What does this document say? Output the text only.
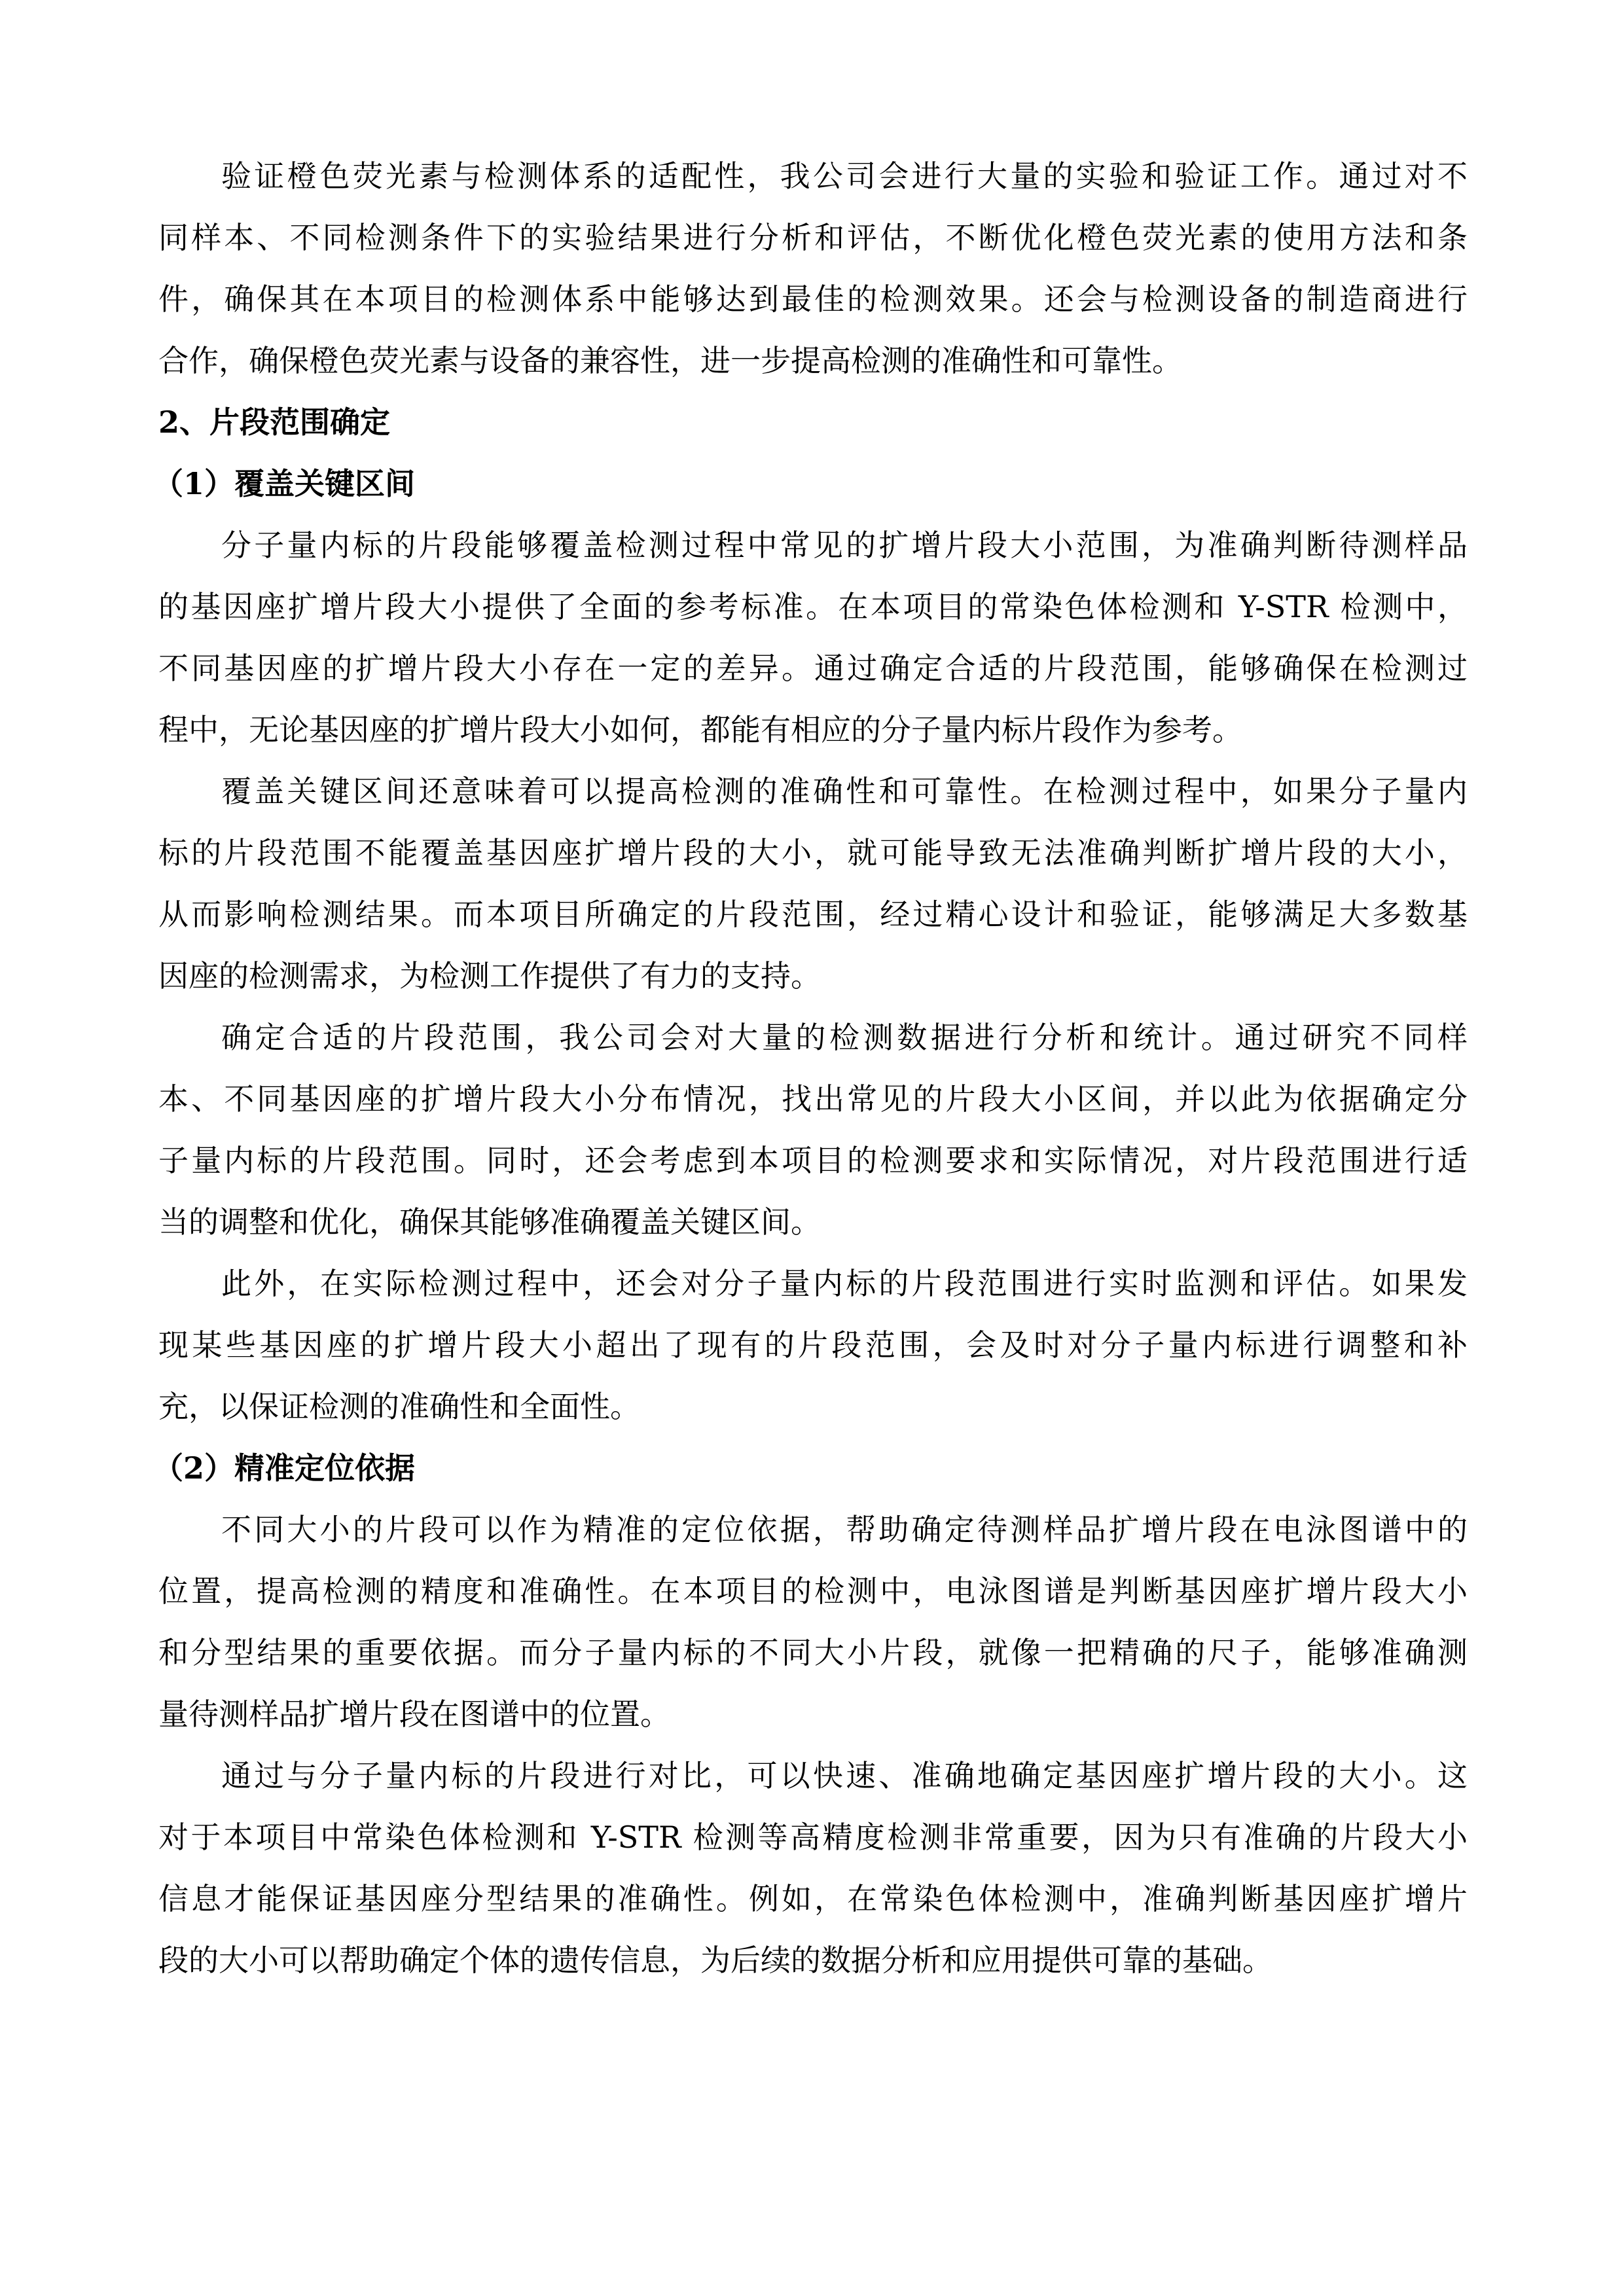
验证橙色荧光素与检测体系的适配性，我公司会进行大量的实验和验证工作。通过对不
同样本、不同检测条件下的实验结果进行分析和评估，不断优化橙色荧光素的使用方法和条
件，确保其在本项目的检测体系中能够达到最佳的检测效果。还会与检测设备的制造商进行
合作，确保橙色荧光素与设备的兼容性，进一步提高检测的准确性和可靠性。
2、片段范围确定
（1）覆盖关键区间
分子量内标的片段能够覆盖检测过程中常见的扩增片段大小范围，为准确判断待测样品
的基因座扩增片段大小提供了全面的参考标准。在本项目的常染色体检测和 Y-STR 检测中，
不同基因座的扩增片段大小存在一定的差异。通过确定合适的片段范围，能够确保在检测过
程中，无论基因座的扩增片段大小如何，都能有相应的分子量内标片段作为参考。
覆盖关键区间还意味着可以提高检测的准确性和可靠性。在检测过程中，如果分子量内
标的片段范围不能覆盖基因座扩增片段的大小，就可能导致无法准确判断扩增片段的大小，
从而影响检测结果。而本项目所确定的片段范围，经过精心设计和验证，能够满足大多数基
因座的检测需求，为检测工作提供了有力的支持。
确定合适的片段范围，我公司会对大量的检测数据进行分析和统计。通过研究不同样
本、不同基因座的扩增片段大小分布情况，找出常见的片段大小区间，并以此为依据确定分
子量内标的片段范围。同时，还会考虑到本项目的检测要求和实际情况，对片段范围进行适
当的调整和优化，确保其能够准确覆盖关键区间。
此外，在实际检测过程中，还会对分子量内标的片段范围进行实时监测和评估。如果发
现某些基因座的扩增片段大小超出了现有的片段范围，会及时对分子量内标进行调整和补
充，以保证检测的准确性和全面性。
（2）精准定位依据
不同大小的片段可以作为精准的定位依据，帮助确定待测样品扩增片段在电泳图谱中的
位置，提高检测的精度和准确性。在本项目的检测中，电泳图谱是判断基因座扩增片段大小
和分型结果的重要依据。而分子量内标的不同大小片段，就像一把精确的尺子，能够准确测
量待测样品扩增片段在图谱中的位置。
通过与分子量内标的片段进行对比，可以快速、准确地确定基因座扩增片段的大小。这
对于本项目中常染色体检测和 Y-STR 检测等高精度检测非常重要，因为只有准确的片段大小
信息才能保证基因座分型结果的准确性。例如，在常染色体检测中，准确判断基因座扩增片
段的大小可以帮助确定个体的遗传信息，为后续的数据分析和应用提供可靠的基础。
